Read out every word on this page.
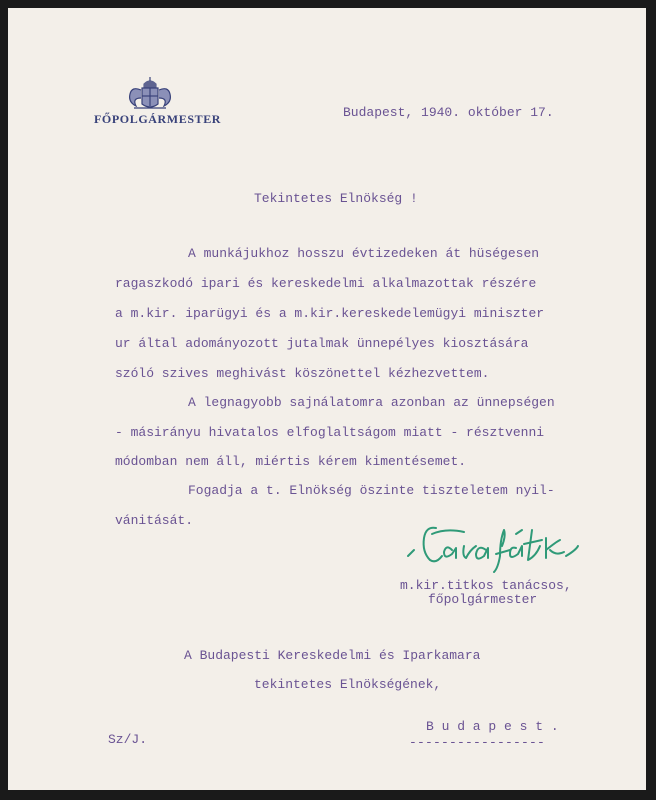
FŐPOLGÁRMESTER	Budapest, 1940. október 17.
Tekintetes Elnökség !
A munkájukhoz hosszu évtizedeken át hüségesen
ragaszkodó ipari és kereskedelmi alkalmazottak részére
a m.kir. iparügyi és a m.kir.kereskedelemügyi miniszter
ur által adományozott jutalmak ünnepélyes kiosztására
szóló szives meghivást köszönettel kézhezvettem.
A legnagyobb sajnálatomra azonban az ünnepségen
- másirányu hivatalos elfoglaltságom miatt - résztvenni
módomban nem áll, miértis kérem kimentésemet.
Fogadja a t. Elnökség öszinte tiszteletem nyil-
vánitását.
m.kir.titkos tanácsos,
főpolgármester
A Budapesti Kereskedelmi és Iparkamara
tekintetes Elnökségének,
Sz/J.
B u d a p e s t .
-----------------
